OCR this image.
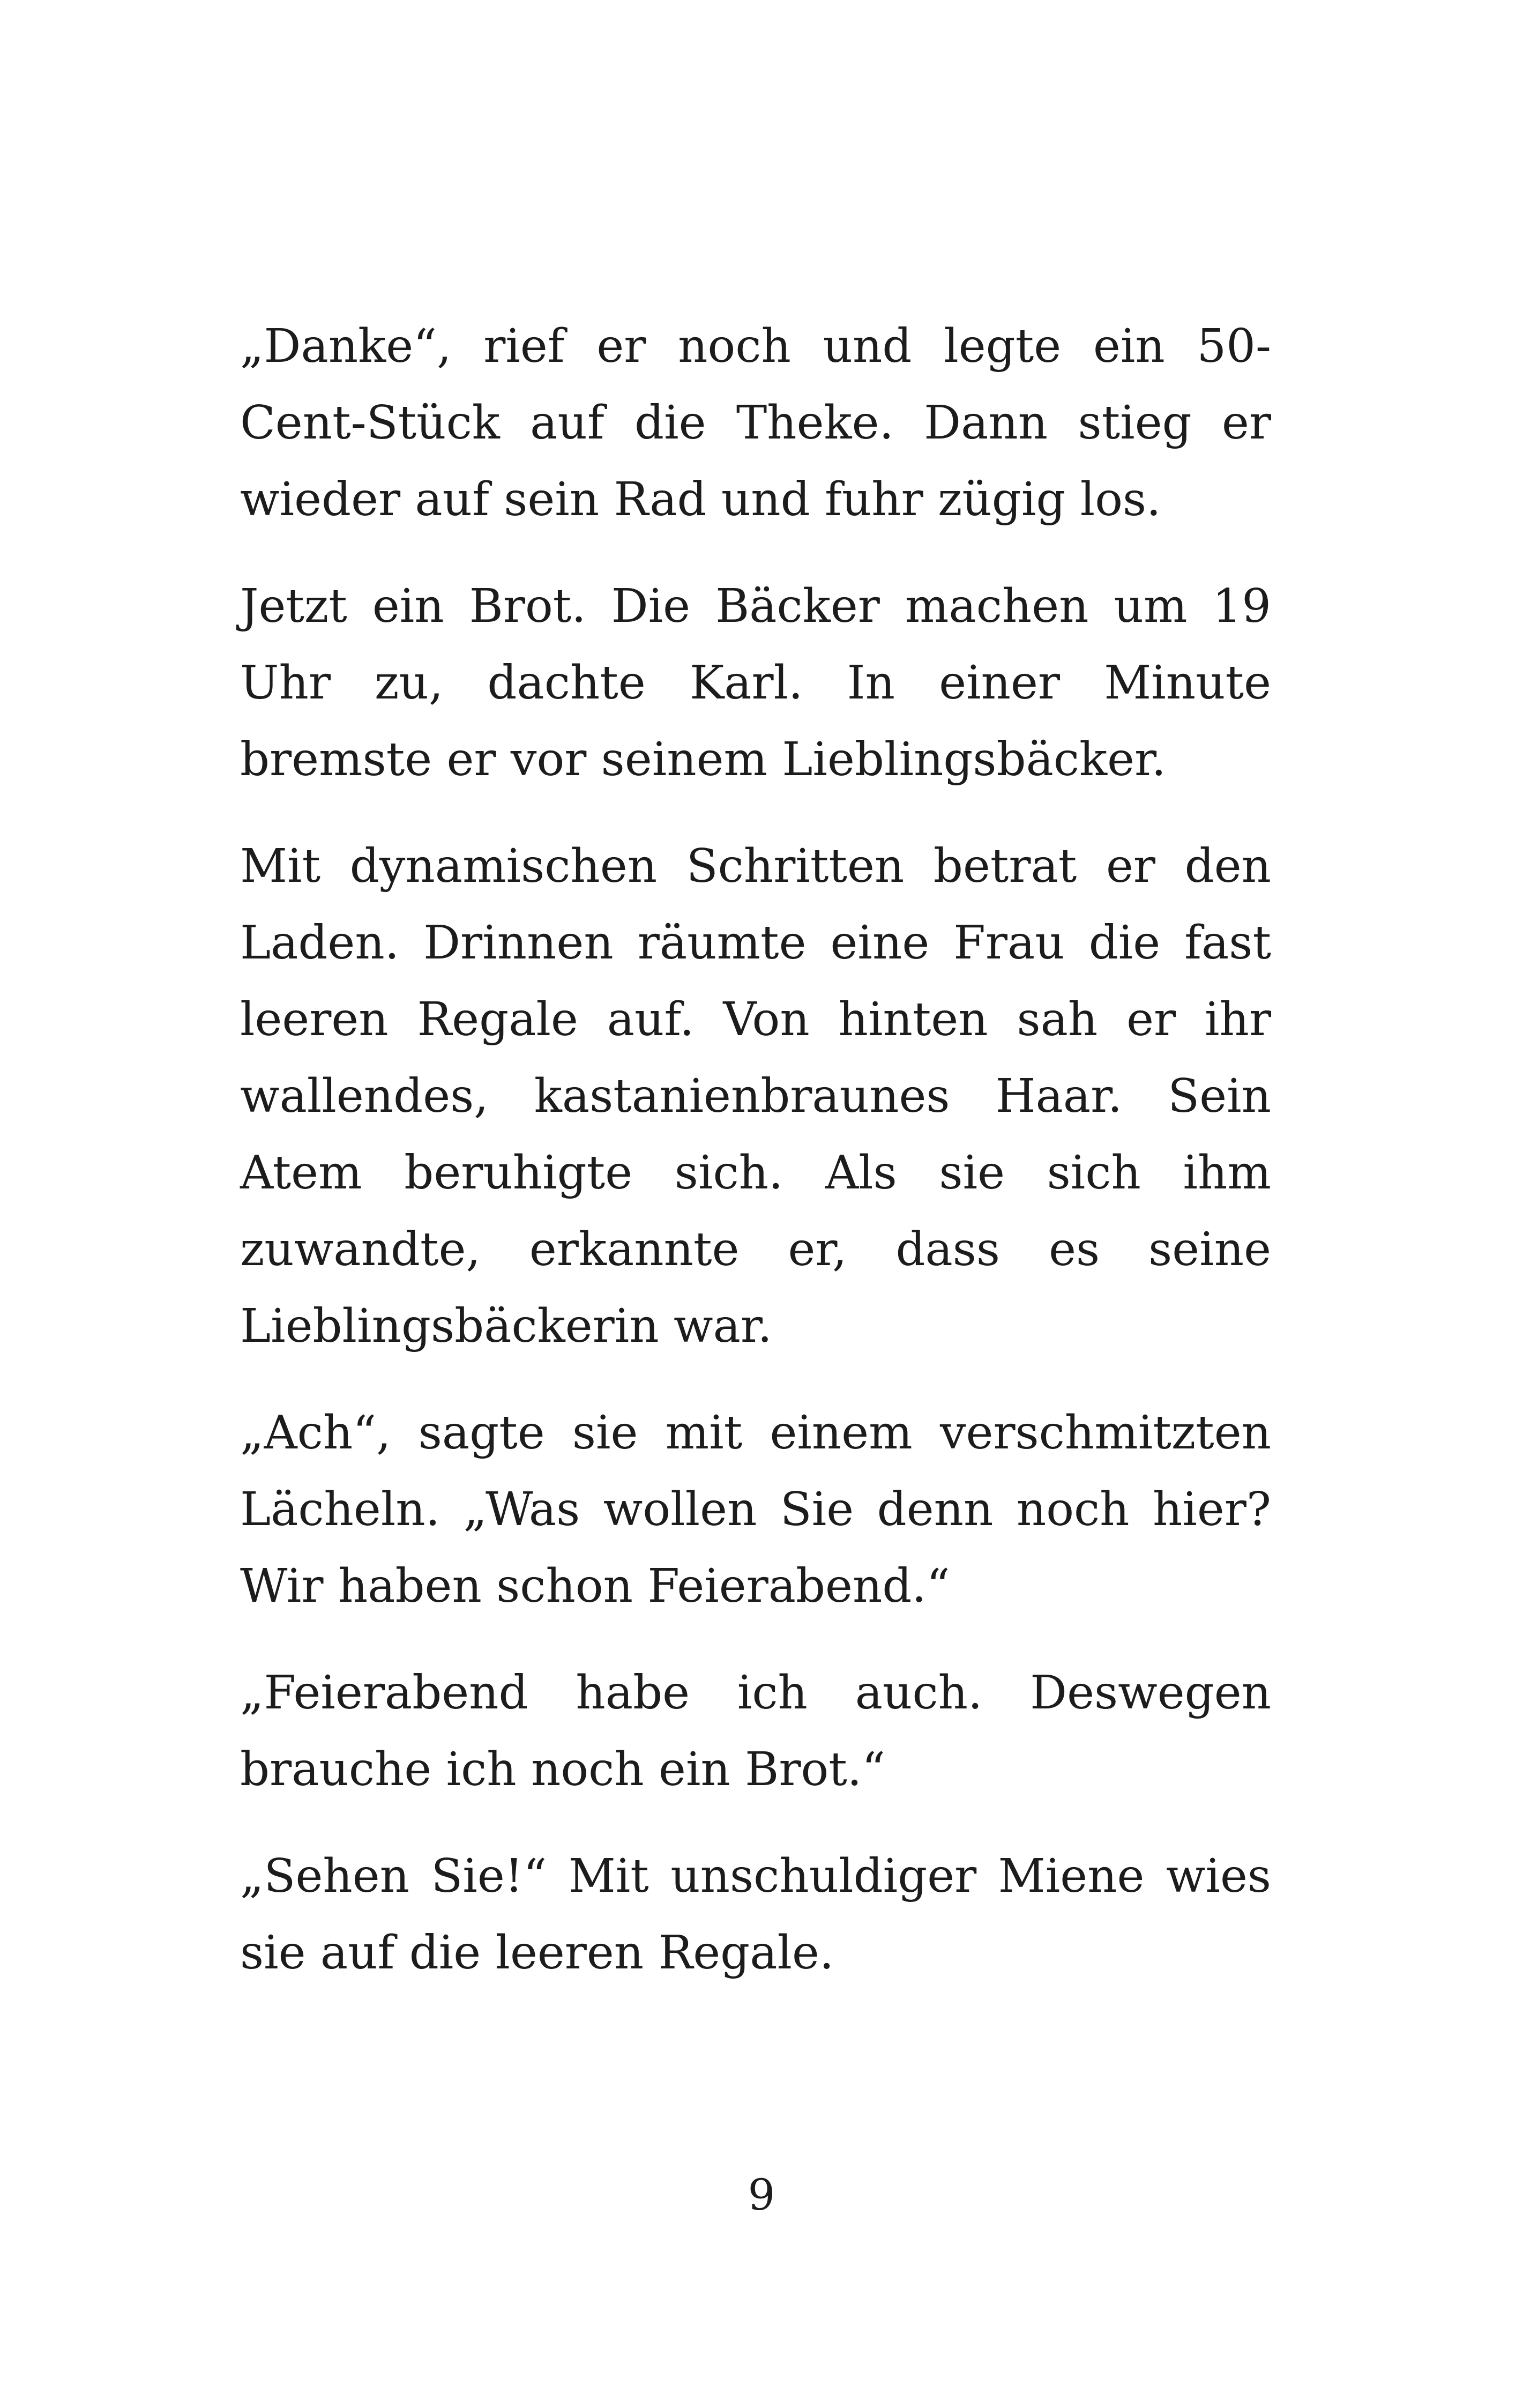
„Danke“, rief er noch und legte ein 50-Cent-Stück auf die Theke. Dann stieg er wieder auf sein Rad und fuhr zügig los.

Jetzt ein Brot. Die Bäcker machen um 19 Uhr zu, dachte Karl. In einer Minute bremste er vor seinem Lieblingsbäcker.

Mit dynamischen Schritten betrat er den Laden. Drinnen räumte eine Frau die fast leeren Regale auf. Von hinten sah er ihr wallendes, kastanienbraunes Haar. Sein Atem beruhigte sich. Als sie sich ihm zuwandte, erkannte er, dass es seine Lieblingsbäckerin war.

„Ach“, sagte sie mit einem verschmitzten Lächeln. „Was wollen Sie denn noch hier? Wir haben schon Feierabend.“

„Feierabend habe ich auch. Deswegen brauche ich noch ein Brot.“

„Sehen Sie!“ Mit unschuldiger Miene wies sie auf die leeren Regale.

9
